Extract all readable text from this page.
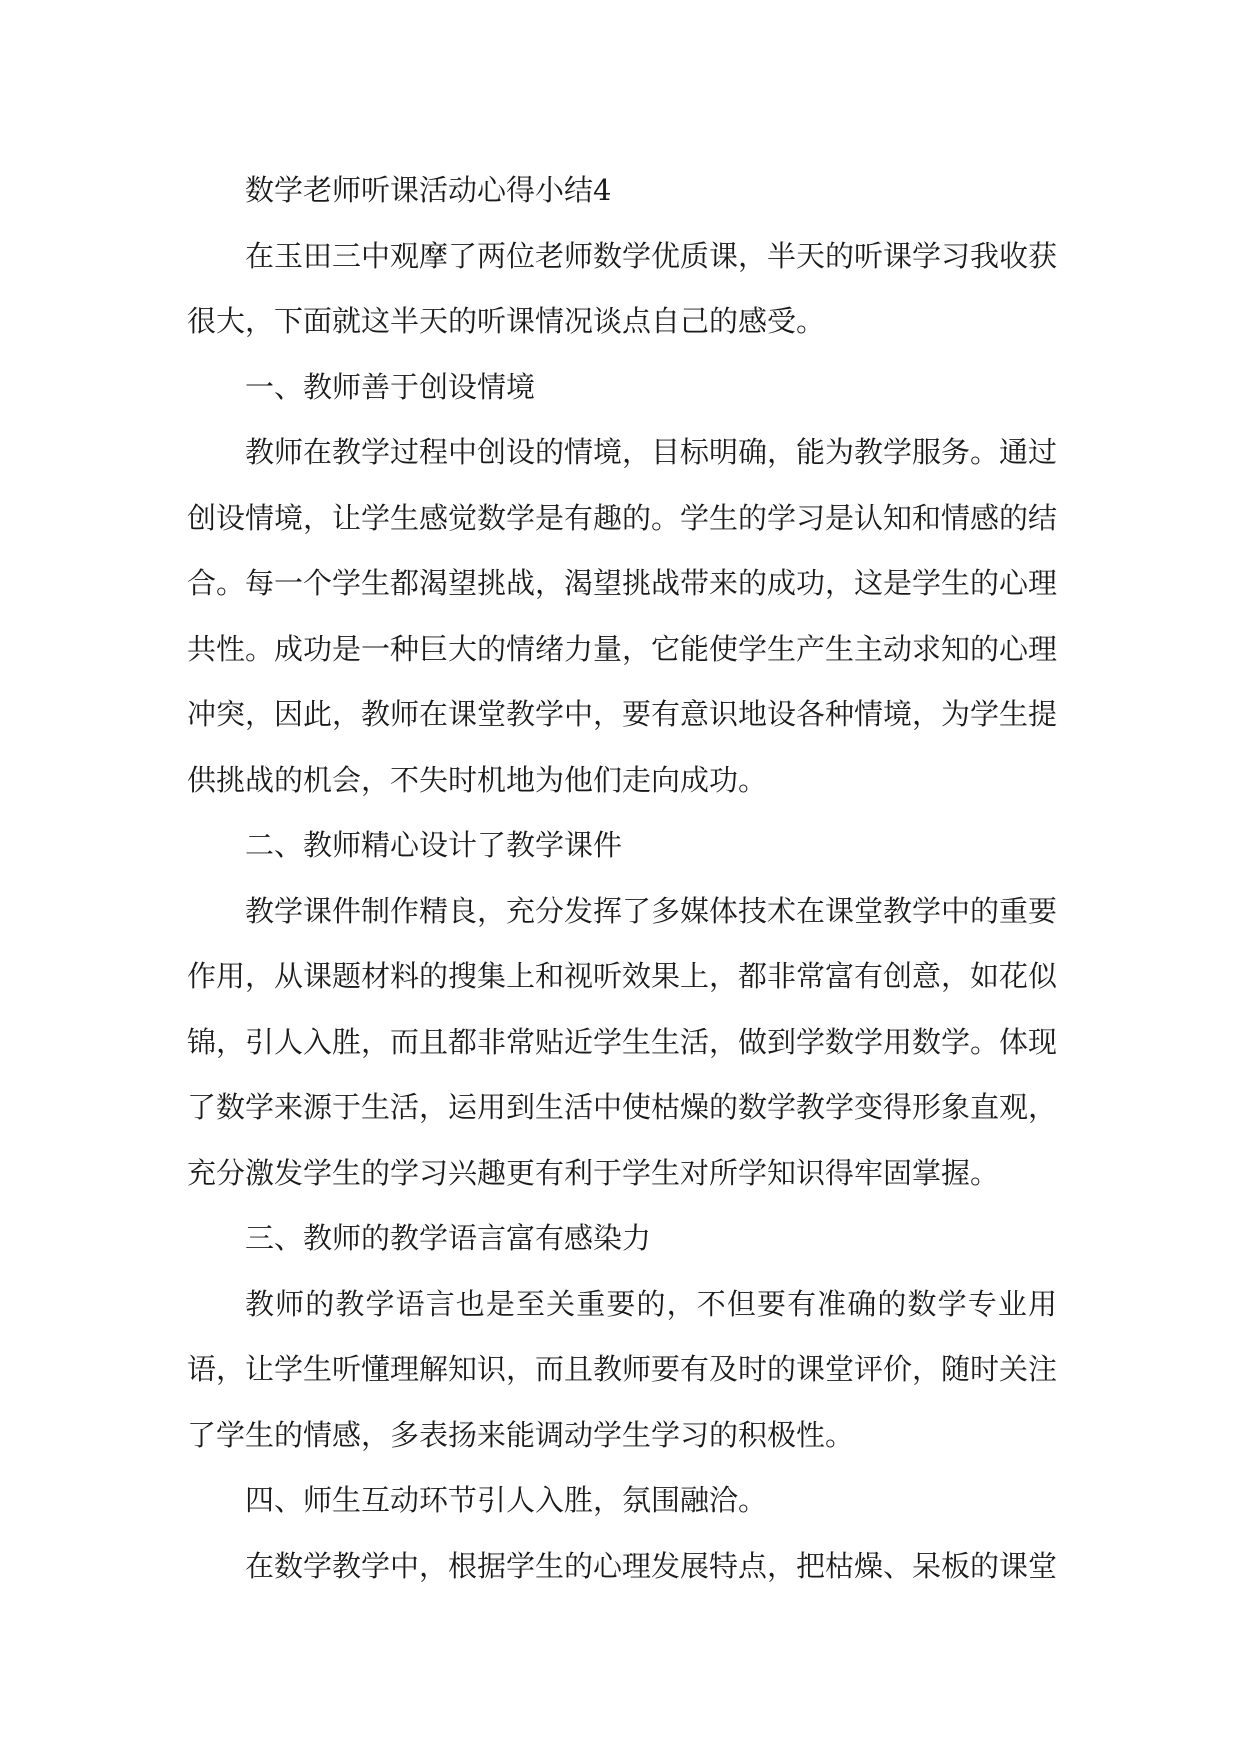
数学老师听课活动心得小结4

在玉田三中观摩了两位老师数学优质课，半天的听课学习我收获很大，下面就这半天的听课情况谈点自己的感受。

一、教师善于创设情境

教师在教学过程中创设的情境，目标明确，能为教学服务。通过创设情境，让学生感觉数学是有趣的。学生的学习是认知和情感的结合。每一个学生都渴望挑战，渴望挑战带来的成功，这是学生的心理共性。成功是一种巨大的情绪力量，它能使学生产生主动求知的心理冲突，因此，教师在课堂教学中，要有意识地设各种情境，为学生提供挑战的机会，不失时机地为他们走向成功。

二、教师精心设计了教学课件

教学课件制作精良，充分发挥了多媒体技术在课堂教学中的重要作用，从课题材料的搜集上和视听效果上，都非常富有创意，如花似锦，引人入胜，而且都非常贴近学生生活，做到学数学用数学。体现了数学来源于生活，运用到生活中使枯燥的数学教学变得形象直观，充分激发学生的学习兴趣更有利于学生对所学知识得牢固掌握。

三、教师的教学语言富有感染力

教师的教学语言也是至关重要的，不但要有准确的数学专业用语，让学生听懂理解知识，而且教师要有及时的课堂评价，随时关注了学生的情感，多表扬来能调动学生学习的积极性。

四、师生互动环节引人入胜，氛围融洽。

在数学教学中，根据学生的心理发展特点，把枯燥、呆板的课堂
